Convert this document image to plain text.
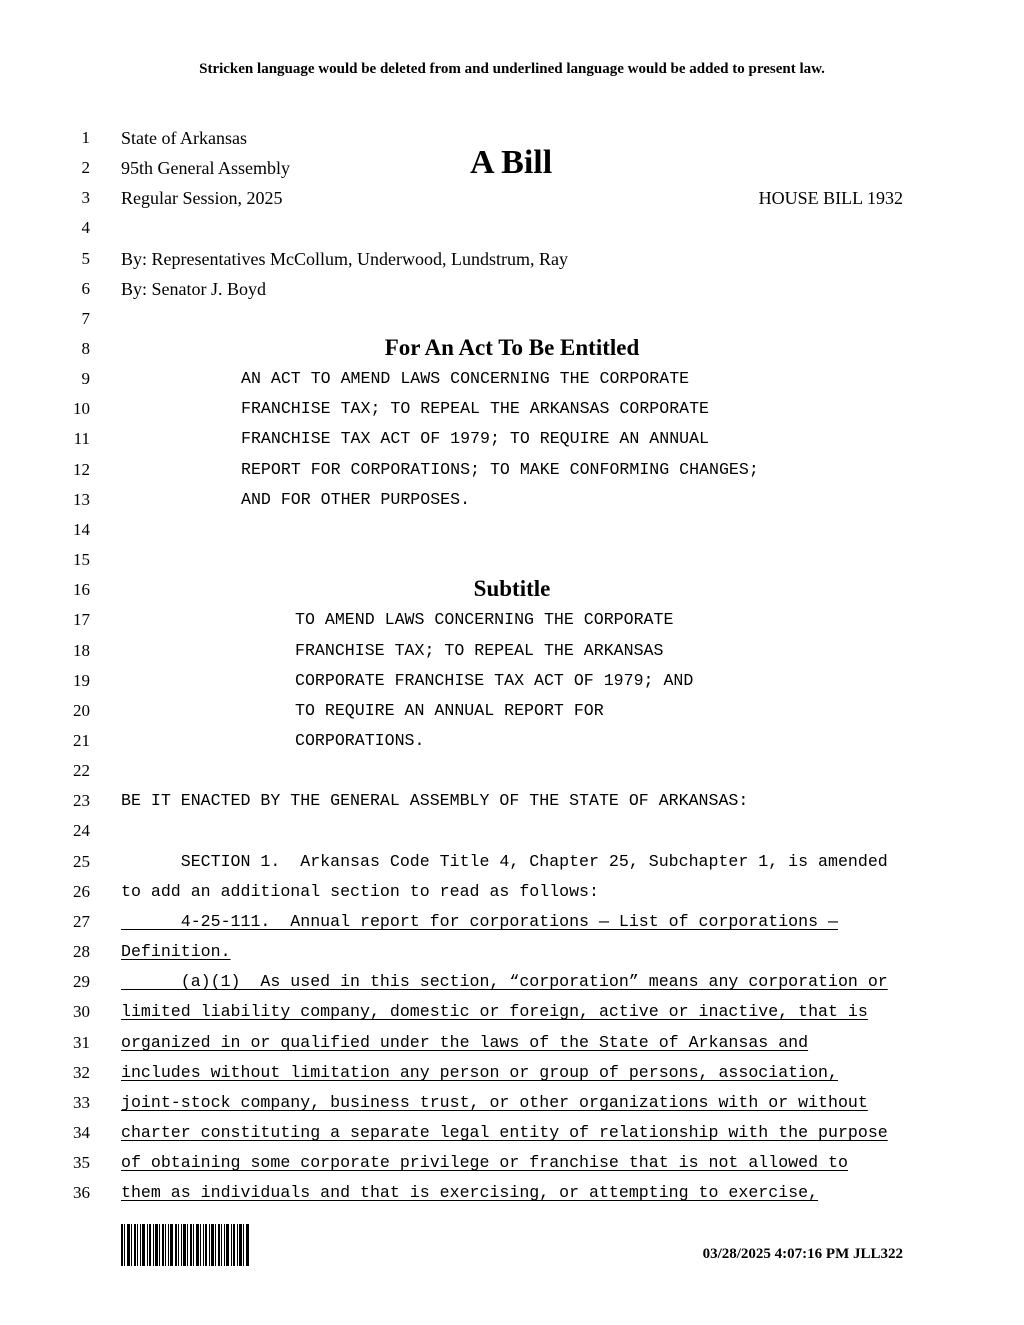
Stricken language would be deleted from and underlined language would be added to present law.
1
2
3
4
5
6
7
8
9
10
11
12
13
14
15
16
17
18
19
20
21
22
23
24
25
26
27
28
29
30
31
32
33
34
35
36
State of Arkansas
95th General Assembly	A Bill
Regular Session, 2025	HOUSE BILL 1932
By: Representatives McCollum, Underwood, Lundstrum, Ray
By: Senator J. Boyd
For An Act To Be Entitled
AN ACT TO AMEND LAWS CONCERNING THE CORPORATE
FRANCHISE TAX; TO REPEAL THE ARKANSAS CORPORATE
FRANCHISE TAX ACT OF 1979; TO REQUIRE AN ANNUAL
REPORT FOR CORPORATIONS; TO MAKE CONFORMING CHANGES;
AND FOR OTHER PURPOSES.
Subtitle
TO AMEND LAWS CONCERNING THE CORPORATE
FRANCHISE TAX; TO REPEAL THE ARKANSAS
CORPORATE FRANCHISE TAX ACT OF 1979; AND
TO REQUIRE AN ANNUAL REPORT FOR
CORPORATIONS.
BE IT ENACTED BY THE GENERAL ASSEMBLY OF THE STATE OF ARKANSAS:
SECTION 1.  Arkansas Code Title 4, Chapter 25, Subchapter 1, is amended
to add an additional section to read as follows:
4-25-111.  Annual report for corporations — List of corporations —
Definition.
(a)(1)  As used in this section, “corporation” means any corporation or
limited liability company, domestic or foreign, active or inactive, that is
organized in or qualified under the laws of the State of Arkansas and
includes without limitation any person or group of persons, association,
joint-stock company, business trust, or other organizations with or without
charter constituting a separate legal entity of relationship with the purpose
of obtaining some corporate privilege or franchise that is not allowed to
them as individuals and that is exercising, or attempting to exercise,
03/28/2025 4:07:16 PM JLL322
